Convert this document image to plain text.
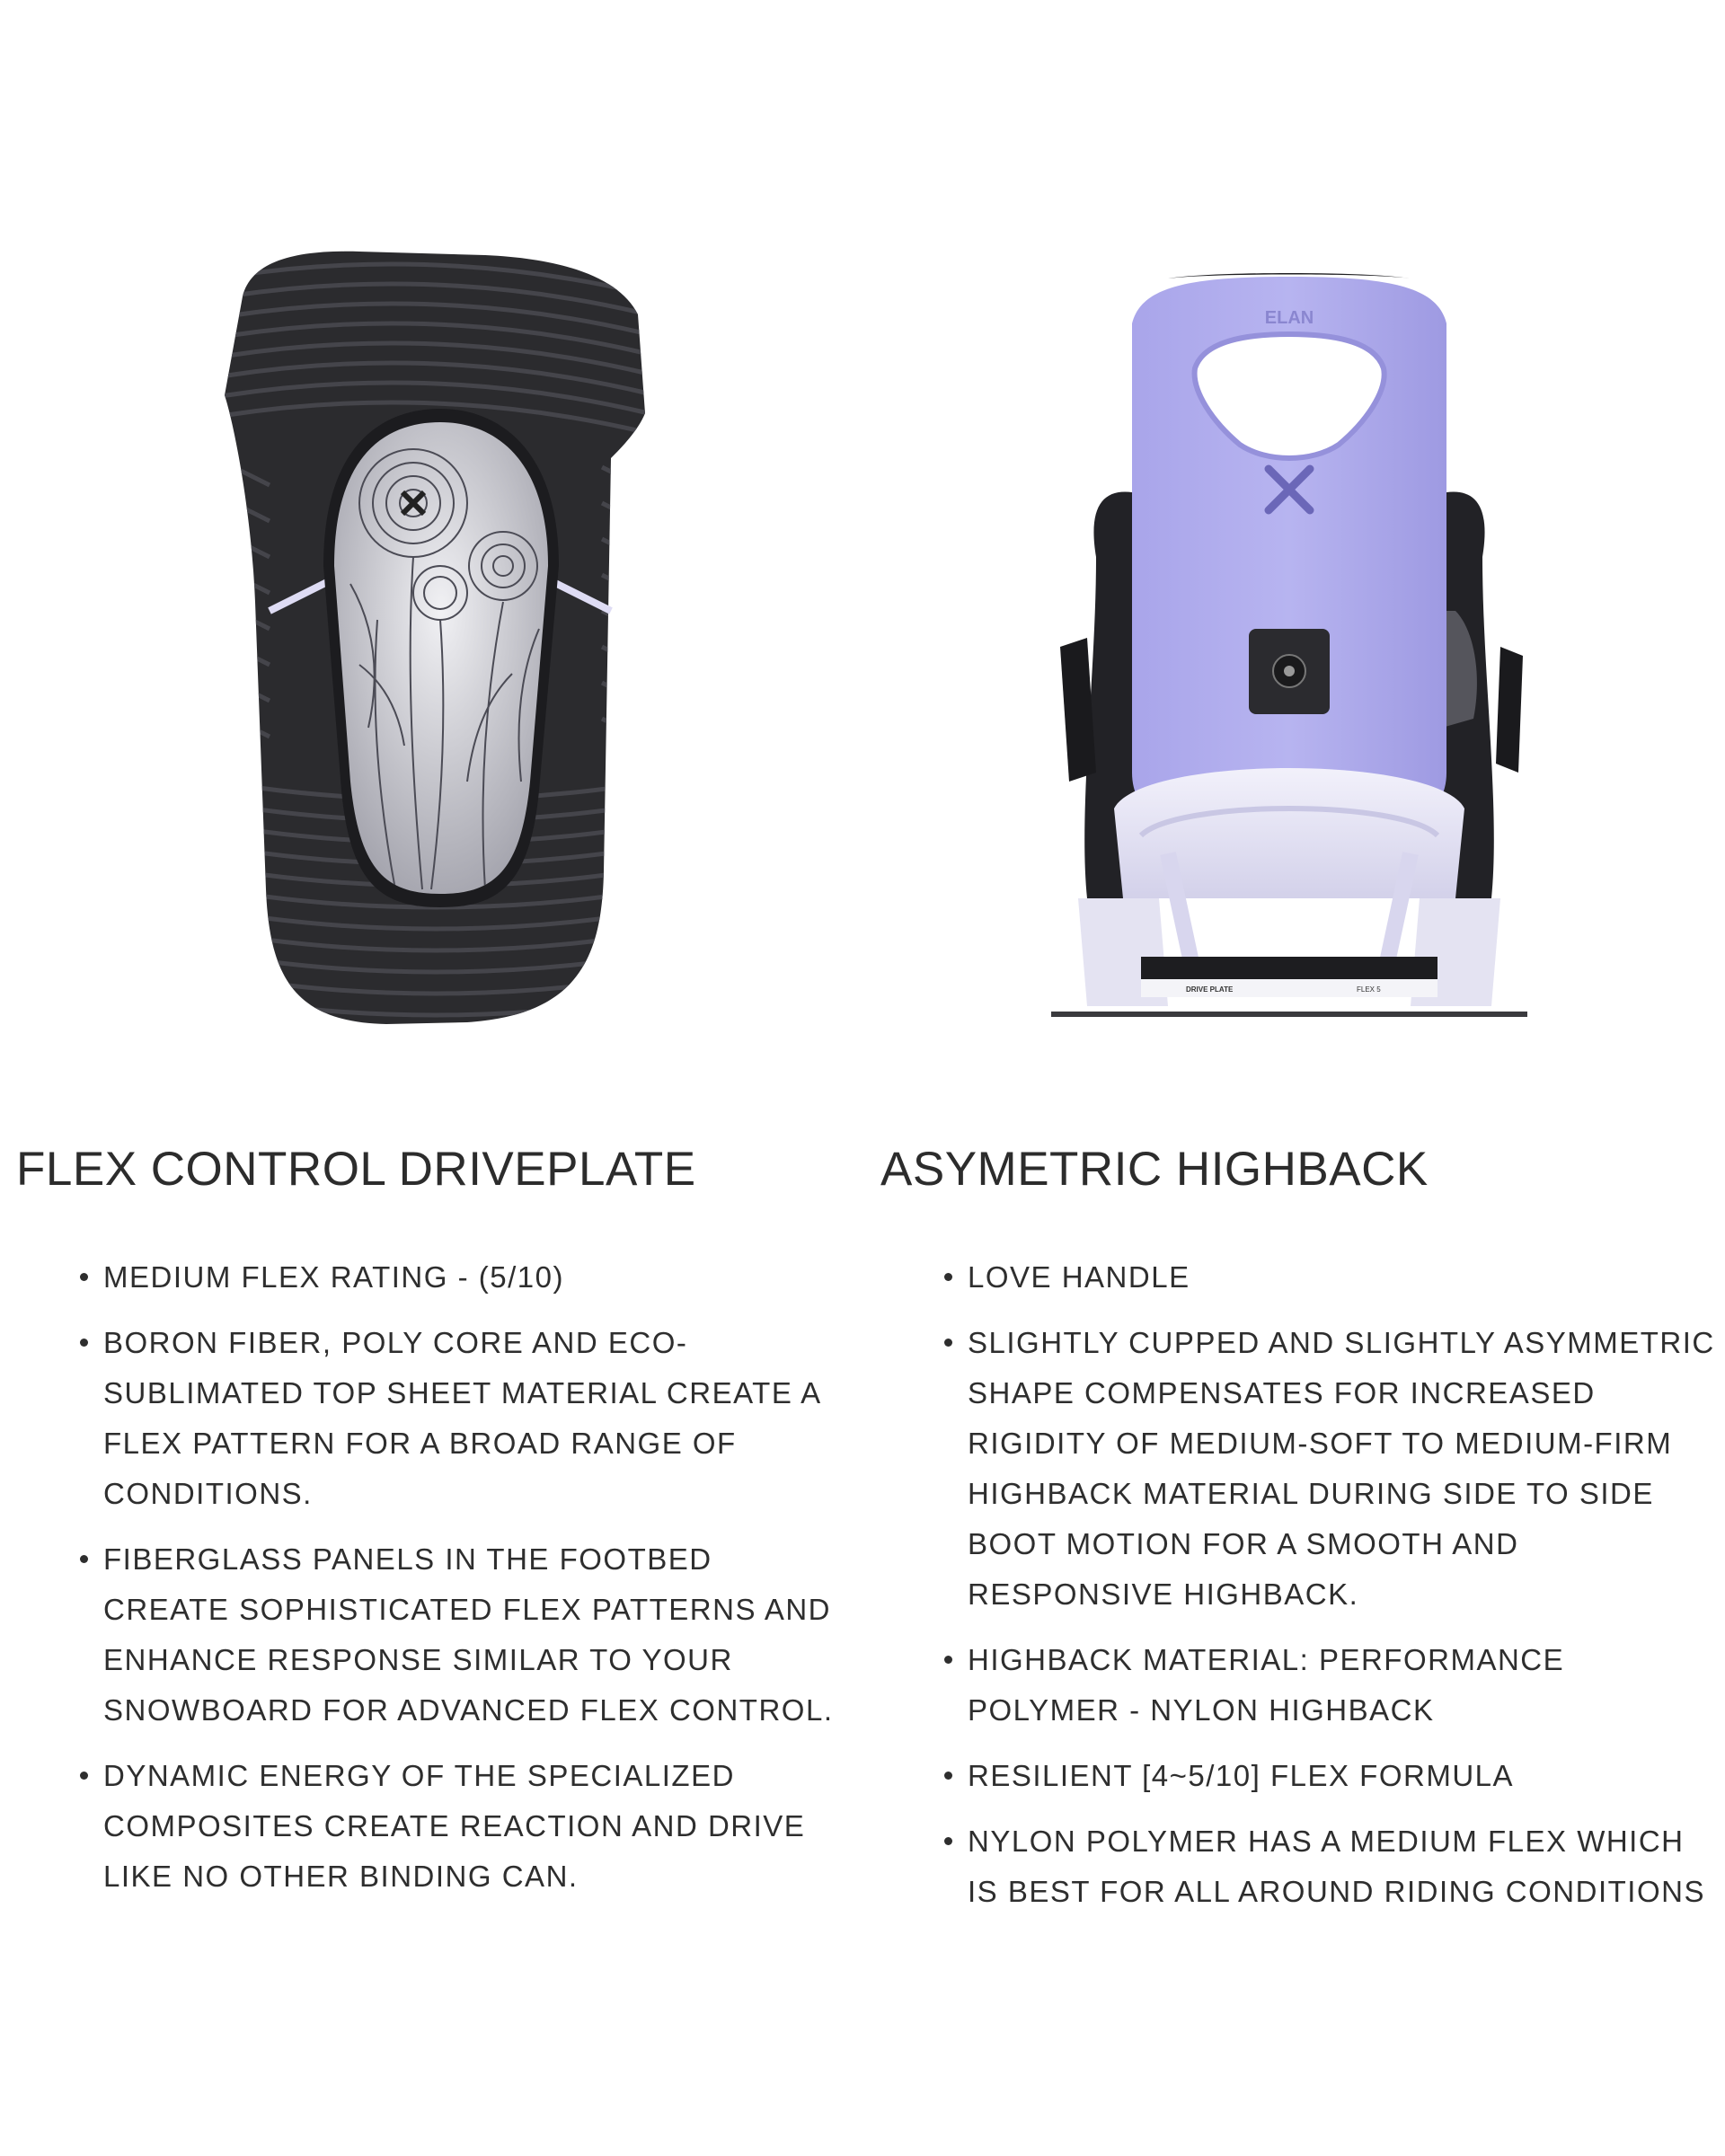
ELAN
DRIVE PLATE	FLEX 5
FLEX CONTROL DRIVEPLATE
MEDIUM FLEX RATING - (5/10)
BORON FIBER, POLY CORE AND ECO-SUBLIMATED TOP SHEET MATERIAL CREATE A FLEX PATTERN FOR A BROAD RANGE OF CONDITIONS.
FIBERGLASS PANELS IN THE FOOTBED CREATE SOPHISTICATED FLEX PATTERNS AND ENHANCE RESPONSE SIMILAR TO YOUR SNOWBOARD FOR ADVANCED FLEX CONTROL.
DYNAMIC ENERGY OF THE SPECIALIZED COMPOSITES CREATE REACTION AND DRIVE LIKE NO OTHER BINDING CAN.
ASYMETRIC HIGHBACK
LOVE HANDLE
SLIGHTLY CUPPED AND SLIGHTLY ASYMMETRIC SHAPE COMPENSATES FOR INCREASED RIGIDITY OF MEDIUM-SOFT TO MEDIUM-FIRM HIGHBACK MATERIAL DURING SIDE TO SIDE BOOT MOTION FOR A SMOOTH AND RESPONSIVE HIGHBACK.
HIGHBACK MATERIAL: PERFORMANCE POLYMER - NYLON HIGHBACK
RESILIENT [4~5/10] FLEX FORMULA
NYLON POLYMER HAS A MEDIUM FLEX WHICH IS BEST FOR ALL AROUND RIDING CONDITIONS
